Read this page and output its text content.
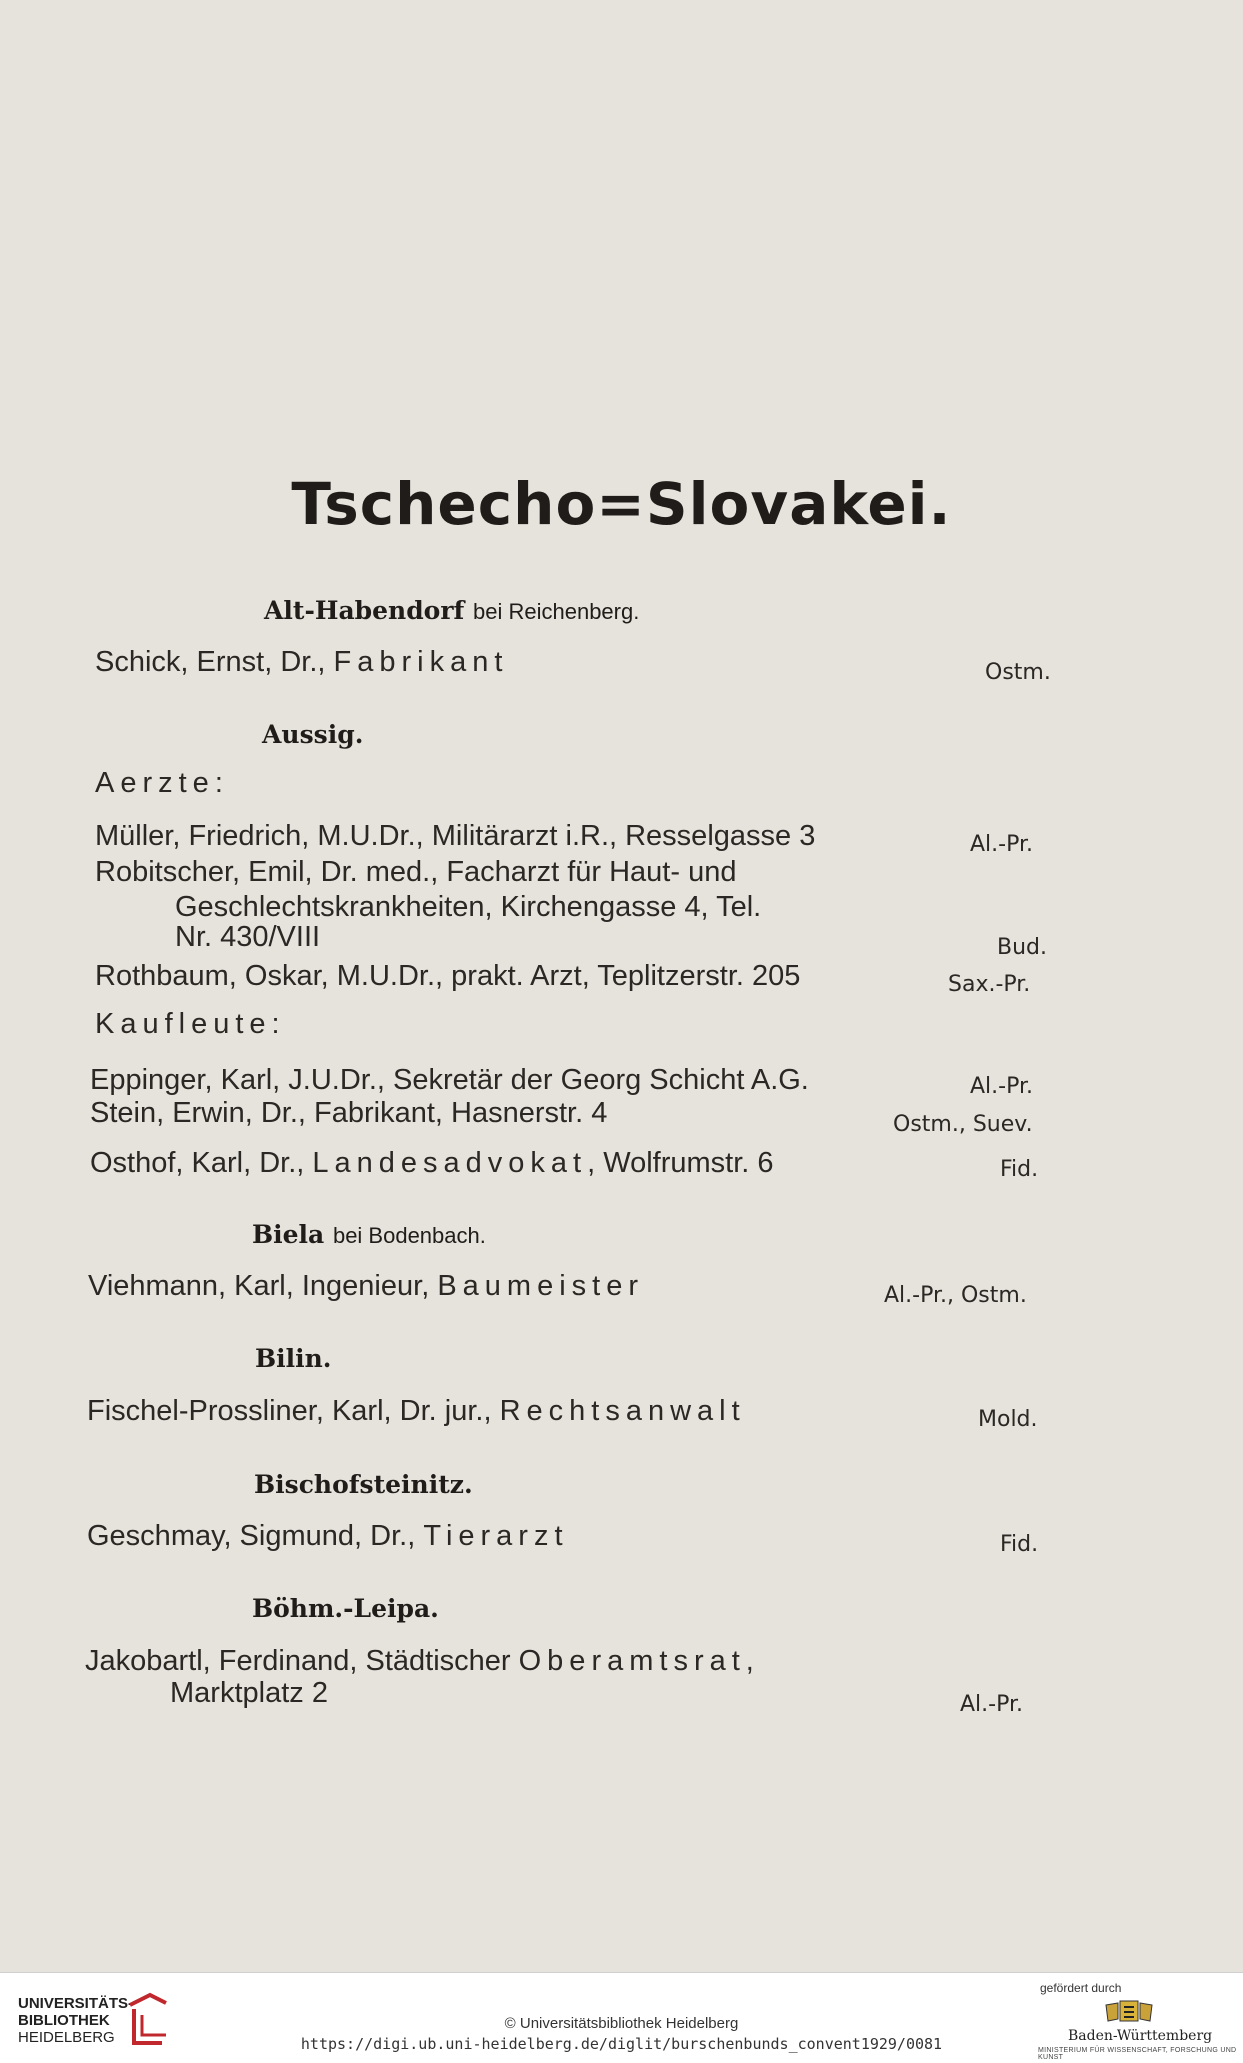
Tschecho=Slovakei.
Alt-Habendorf bei Reichenberg.
Schick, Ernst, Dr., Fabrikant	Ostm.
Aussig.
Aerzte:
Müller, Friedrich, M.U.Dr., Militärarzt i.R., Resselgasse 3	Al.-Pr.
Robitscher, Emil, Dr. med., Facharzt für Haut- und
Geschlechtskrankheiten, Kirchengasse 4, Tel.
Nr. 430/VIII	Bud.
Rothbaum, Oskar, M.U.Dr., prakt. Arzt, Teplitzerstr. 205	Sax.-Pr.
Kaufleute:
Eppinger, Karl, J.U.Dr., Sekretär der Georg Schicht A.G.	Al.-Pr.
Stein, Erwin, Dr., Fabrikant, Hasnerstr. 4	Ostm., Suev.
Osthof, Karl, Dr., Landesadvokat, Wolfrumstr. 6	Fid.
Biela bei Bodenbach.
Viehmann, Karl, Ingenieur, Baumeister	Al.-Pr., Ostm.
Bilin.
Fischel-Prossliner, Karl, Dr. jur., Rechtsanwalt	Mold.
Bischofsteinitz.
Geschmay, Sigmund, Dr., Tierarzt	Fid.
Böhm.-Leipa.
Jakobartl, Ferdinand, Städtischer Oberamtsrat,
Marktplatz 2	Al.-Pr.
UNIVERSITÄTS-
BIBLIOTHEK
HEIDELBERG
© Universitätsbibliothek Heidelberg
https://digi.ub.uni-heidelberg.de/diglit/burschenbunds_convent1929/0081
gefördert durch
Baden-Württemberg
MINISTERIUM FÜR WISSENSCHAFT, FORSCHUNG UND KUNST
